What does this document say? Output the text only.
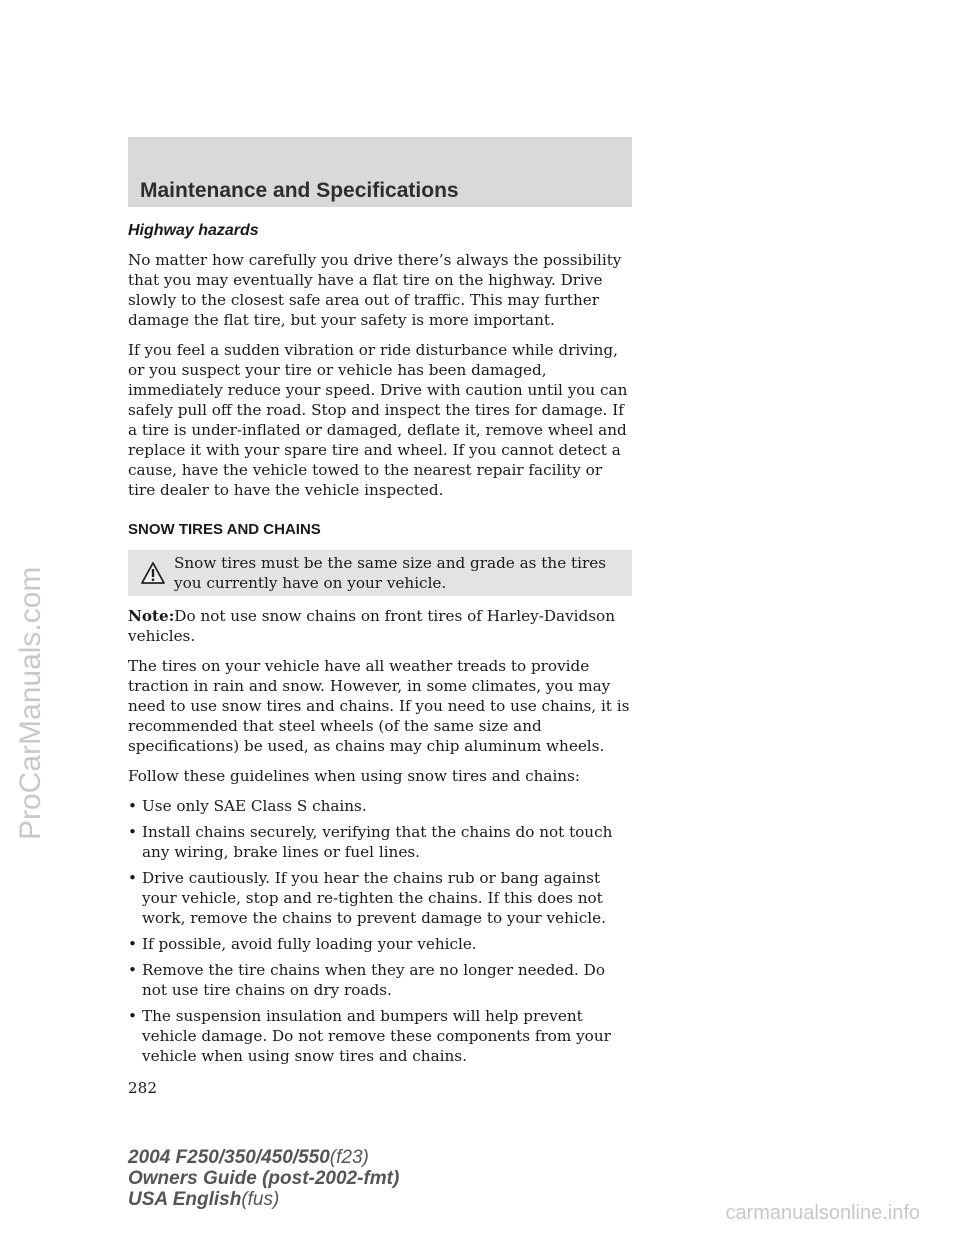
ProCarManuals.com
Maintenance and Specifications
Highway hazards

No matter how carefully you drive there’s always the possibility that you may eventually have a flat tire on the highway. Drive slowly to the closest safe area out of traffic. This may further damage the flat tire, but your safety is more important.

If you feel a sudden vibration or ride disturbance while driving, or you suspect your tire or vehicle has been damaged, immediately reduce your speed. Drive with caution until you can safely pull off the road. Stop and inspect the tires for damage. If a tire is under-inflated or damaged, deflate it, remove wheel and replace it with your spare tire and wheel. If you cannot detect a cause, have the vehicle towed to the nearest repair facility or tire dealer to have the vehicle inspected.

SNOW TIRES AND CHAINS
Snow tires must be the same size and grade as the tires you currently have on your vehicle.

Note:Do not use snow chains on front tires of Harley-Davidson vehicles.

The tires on your vehicle have all weather treads to provide traction in rain and snow. However, in some climates, you may need to use snow tires and chains. If you need to use chains, it is recommended that steel wheels (of the same size and specifications) be used, as chains may chip aluminum wheels.

Follow these guidelines when using snow tires and chains:

• Use only SAE Class S chains.
• Install chains securely, verifying that the chains do not touch any wiring, brake lines or fuel lines.
• Drive cautiously. If you hear the chains rub or bang against your vehicle, stop and re-tighten the chains. If this does not work, remove the chains to prevent damage to your vehicle.
• If possible, avoid fully loading your vehicle.
• Remove the tire chains when they are no longer needed. Do not use tire chains on dry roads.
• The suspension insulation and bumpers will help prevent vehicle damage. Do not remove these components from your vehicle when using snow tires and chains.
282
2004 F250/350/450/550(f23)
Owners Guide (post-2002-fmt)
USA English(fus)
carmanualsonline.info
